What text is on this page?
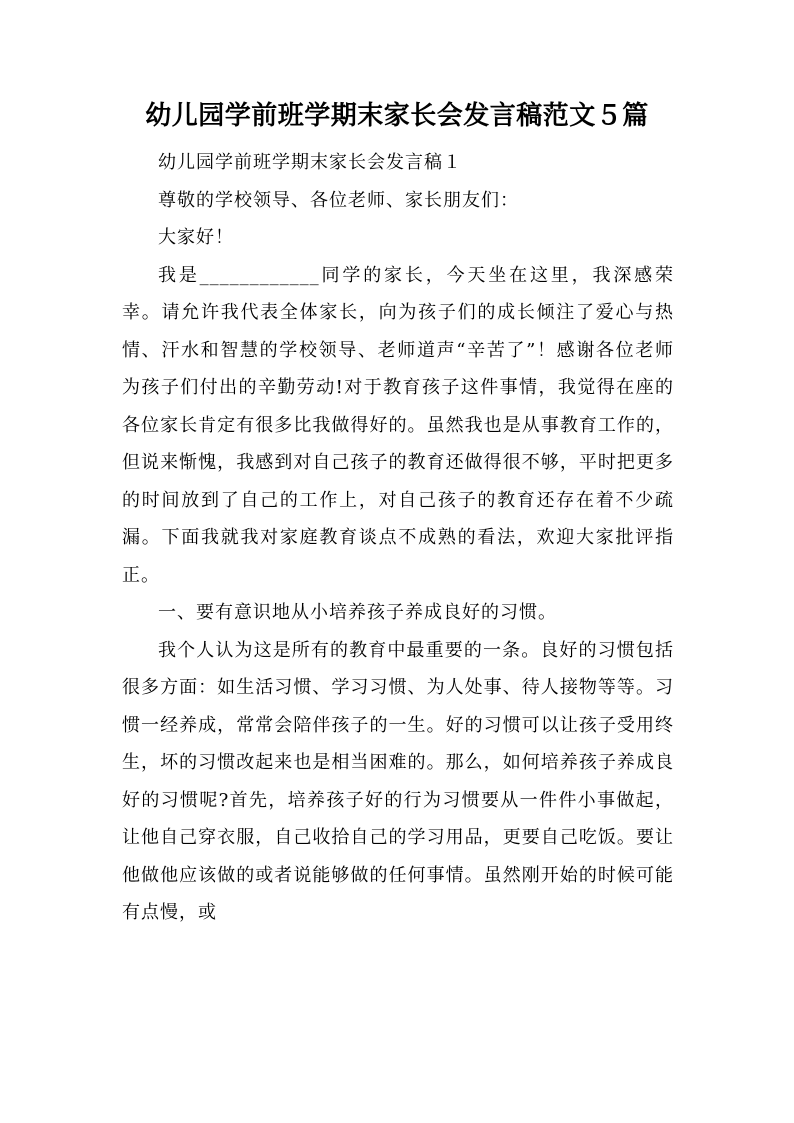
幼儿园学前班学期末家长会发言稿范文５篇

幼儿园学前班学期末家长会发言稿１

尊敬的学校领导、各位老师、家长朋友们：

大家好！

我是____________同学的家长，今天坐在这里，我深感荣幸。请允许我代表全体家长，向为孩子们的成长倾注了爱心与热情、汗水和智慧的学校领导、老师道声“辛苦了”！感谢各位老师为孩子们付出的辛勤劳动!对于教育孩子这件事情，我觉得在座的各位家长肯定有很多比我做得好的。虽然我也是从事教育工作的，但说来惭愧，我感到对自己孩子的教育还做得很不够，平时把更多的时间放到了自己的工作上，对自己孩子的教育还存在着不少疏漏。下面我就我对家庭教育谈点不成熟的看法，欢迎大家批评指正。

一、要有意识地从小培养孩子养成良好的习惯。

我个人认为这是所有的教育中最重要的一条。良好的习惯包括很多方面：如生活习惯、学习习惯、为人处事、待人接物等等。习惯一经养成，常常会陪伴孩子的一生。好的习惯可以让孩子受用终生，坏的习惯改起来也是相当困难的。那么，如何培养孩子养成良好的习惯呢?首先，培养孩子好的行为习惯要从一件件小事做起，让他自己穿衣服，自己收拾自己的学习用品，更要自己吃饭。要让他做他应该做的或者说能够做的任何事情。虽然刚开始的时候可能有点慢，或
